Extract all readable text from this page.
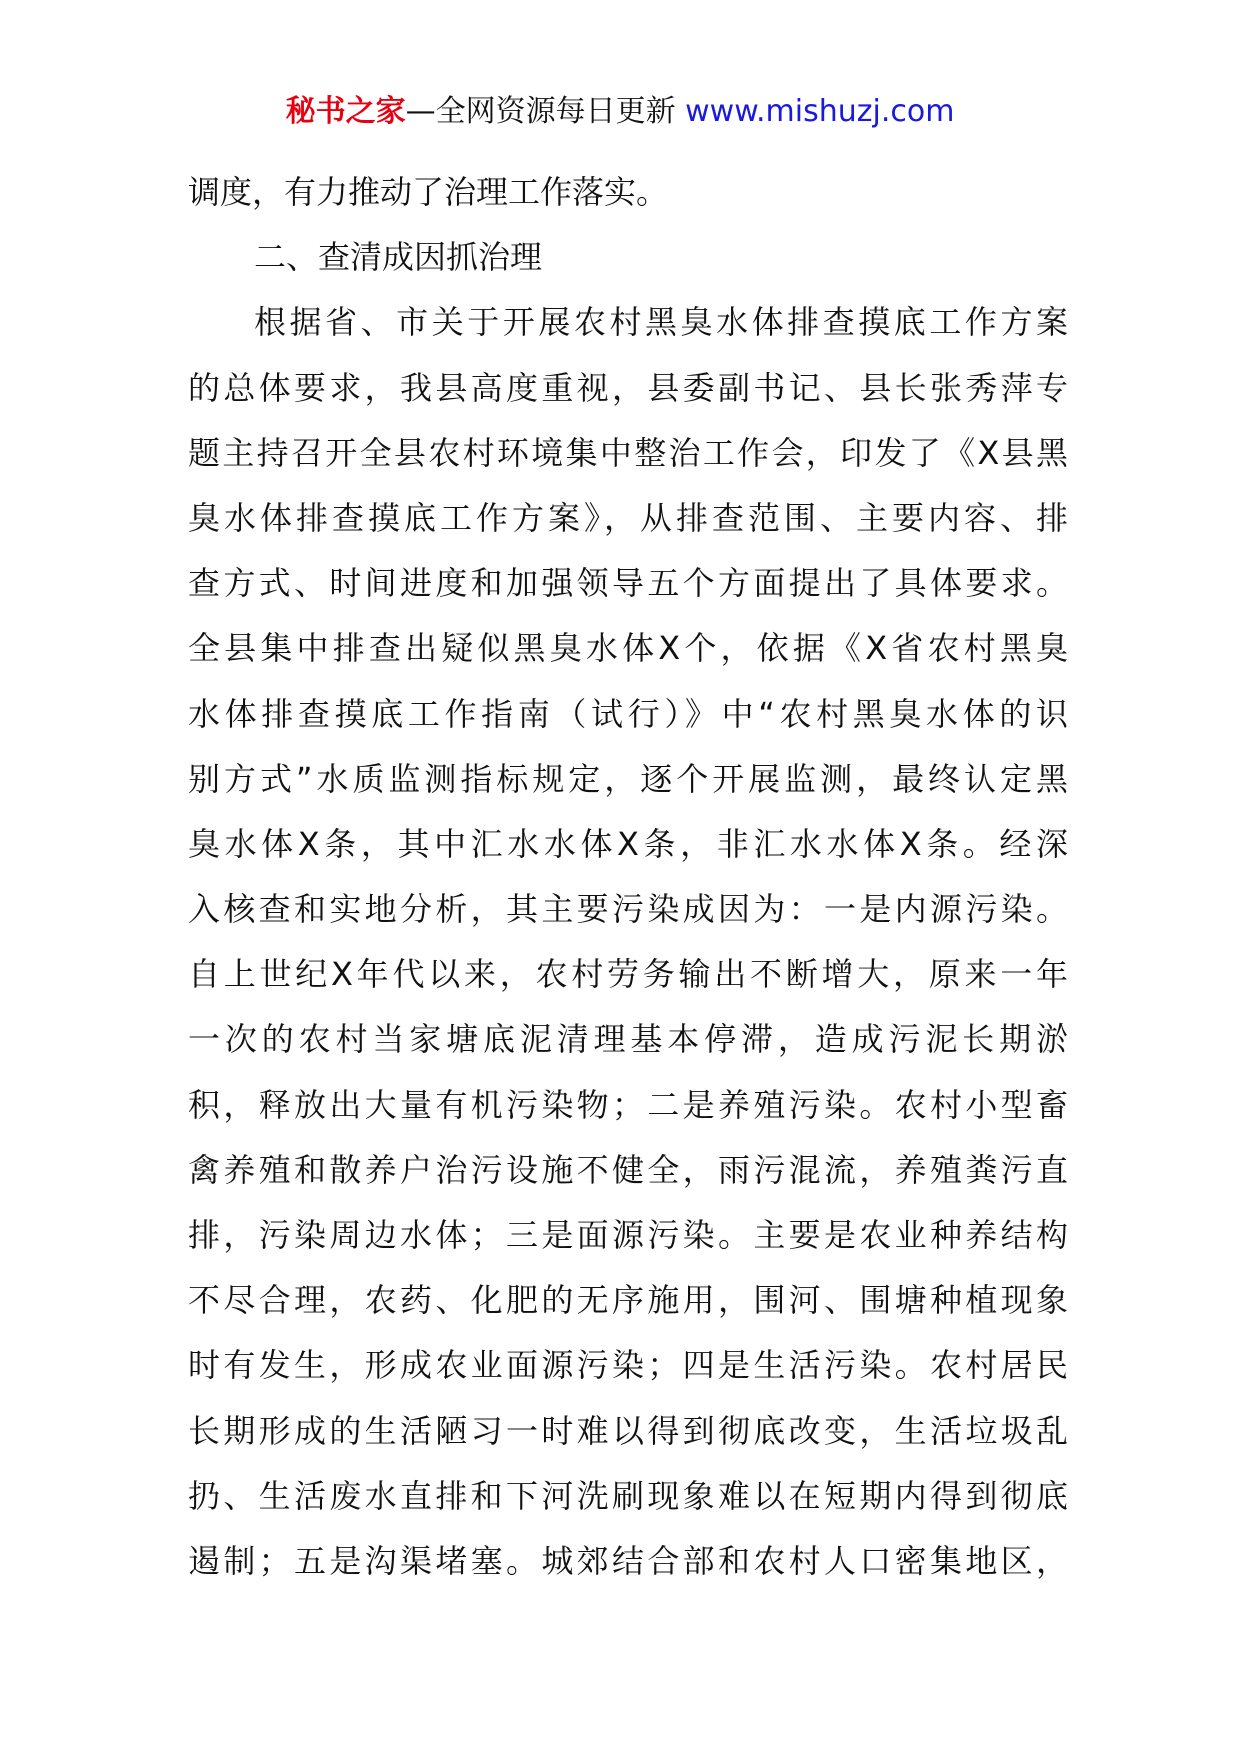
秘书之家—全网资源每日更新 www.mishuzj.com
调度，有力推动了治理工作落实。
二、查清成因抓治理
根据省、市关于开展农村黑臭水体排查摸底工作方案
的总体要求，我县高度重视，县委副书记、县长张秀萍专
题主持召开全县农村环境集中整治工作会，印发了《X县黑
臭水体排查摸底工作方案》，从排查范围、主要内容、排
查方式、时间进度和加强领导五个方面提出了具体要求。
全县集中排查出疑似黑臭水体X个，依据《X省农村黑臭
水体排查摸底工作指南（试行）》中“农村黑臭水体的识
别方式”水质监测指标规定，逐个开展监测，最终认定黑
臭水体X条，其中汇水水体X条，非汇水水体X条。经深
入核查和实地分析，其主要污染成因为：一是内源污染。
自上世纪X年代以来，农村劳务输出不断增大，原来一年
一次的农村当家塘底泥清理基本停滞，造成污泥长期淤
积，释放出大量有机污染物；二是养殖污染。农村小型畜
禽养殖和散养户治污设施不健全，雨污混流，养殖粪污直
排，污染周边水体；三是面源污染。主要是农业种养结构
不尽合理，农药、化肥的无序施用，围河、围塘种植现象
时有发生，形成农业面源污染；四是生活污染。农村居民
长期形成的生活陋习一时难以得到彻底改变，生活垃圾乱
扔、生活废水直排和下河洗刷现象难以在短期内得到彻底
遏制；五是沟渠堵塞。城郊结合部和农村人口密集地区，
